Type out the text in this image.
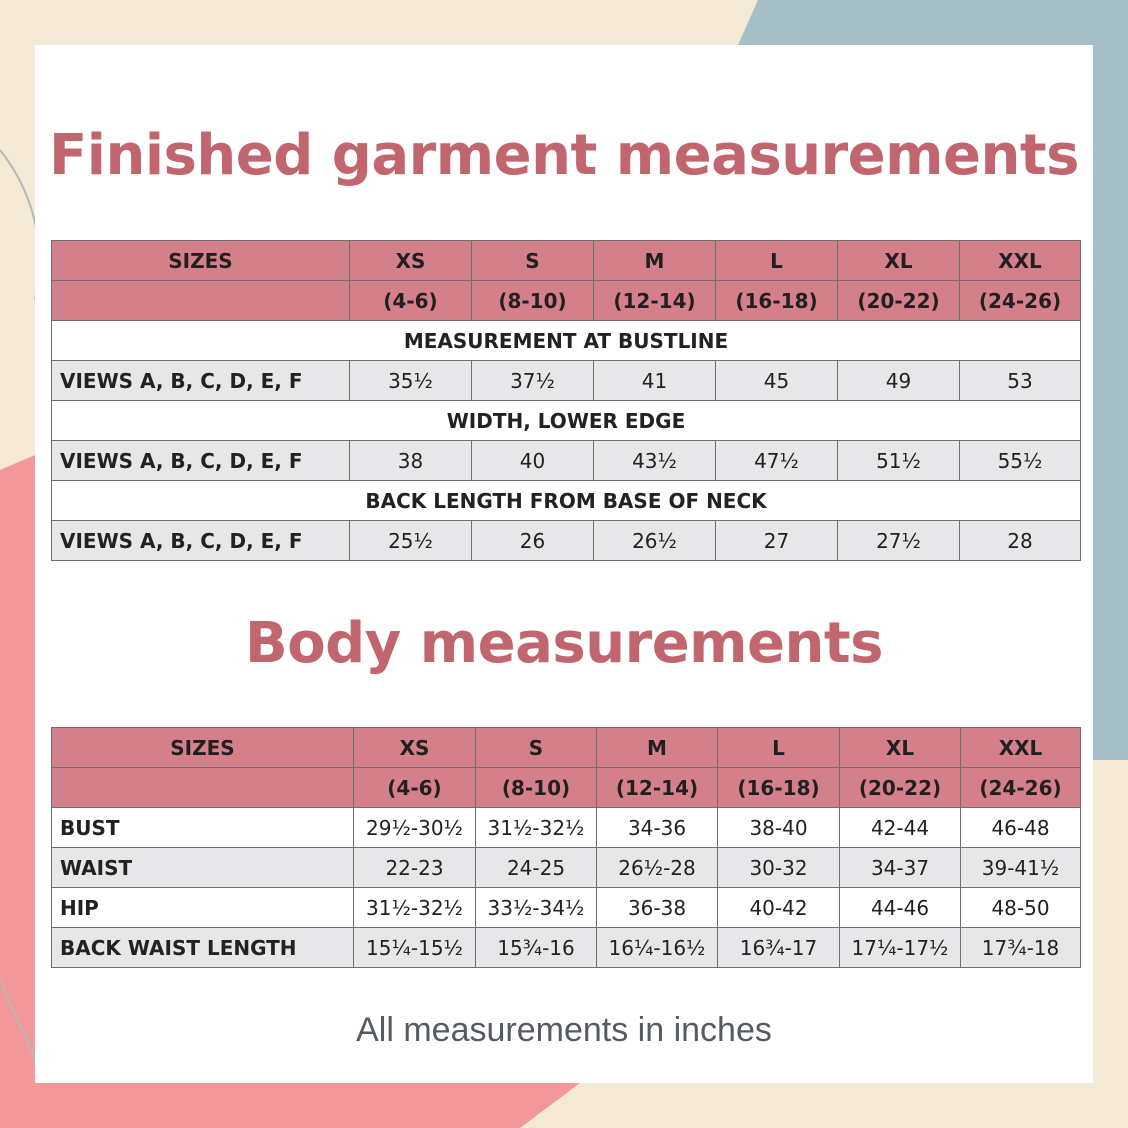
Finished garment measurements
SIZES	XS	S	M	L	XL	XXL
	(4-6)	(8-10)	(12-14)	(16-18)	(20-22)	(24-26)
MEASUREMENT AT BUSTLINE						
VIEWS A, B, C, D, E, F	35½	37½	41	45	49	53
WIDTH, LOWER EDGE						
VIEWS A, B, C, D, E, F	38	40	43½	47½	51½	55½
BACK LENGTH FROM BASE OF NECK						
VIEWS A, B, C, D, E, F	25½	26	26½	27	27½	28
Body measurements
SIZES	XS	S	M	L	XL	XXL
	(4-6)	(8-10)	(12-14)	(16-18)	(20-22)	(24-26)
BUST	29½-30½	31½-32½	34-36	38-40	42-44	46-48
WAIST	22-23	24-25	26½-28	30-32	34-37	39-41½
HIP	31½-32½	33½-34½	36-38	40-42	44-46	48-50
BACK WAIST LENGTH	15¼-15½	15¾-16	16¼-16½	16¾-17	17¼-17½	17¾-18
All measurements in inches
